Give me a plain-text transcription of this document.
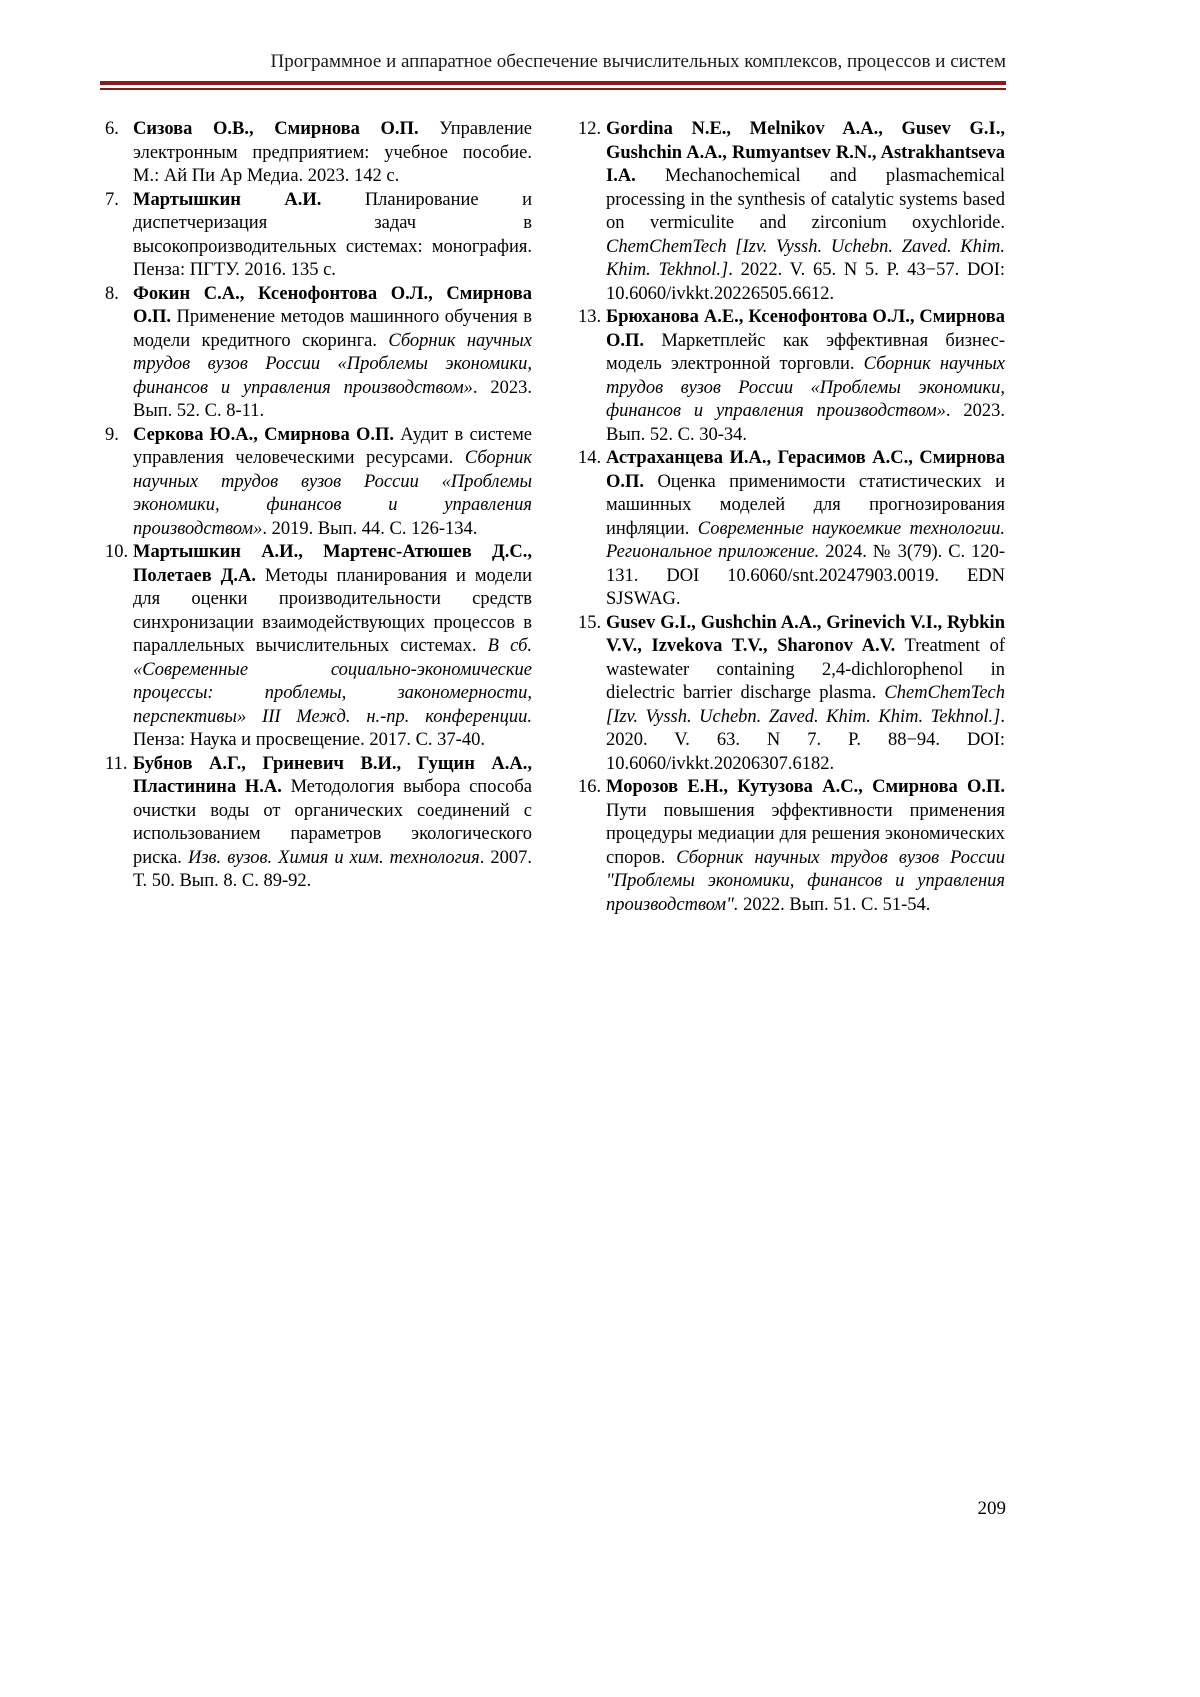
Программное и аппаратное обеспечение вычислительных комплексов, процессов и систем
6. Сизова О.В., Смирнова О.П. Управление электронным предприятием: учебное пособие. М.: Ай Пи Ар Медиа. 2023. 142 с.
7. Мартышкин А.И. Планирование и диспетчеризация задач в высокопроизводительных системах: монография. Пенза: ПГТУ. 2016. 135 с.
8. Фокин С.А., Ксенофонтова О.Л., Смирнова О.П. Применение методов машинного обучения в модели кредитного скоринга. Сборник научных трудов вузов России «Проблемы экономики, финансов и управления производством». 2023. Вып. 52. С. 8-11.
9. Серкова Ю.А., Смирнова О.П. Аудит в системе управления человеческими ресурсами. Сборник научных трудов вузов России «Проблемы экономики, финансов и управления производством». 2019. Вып. 44. С. 126-134.
10. Мартышкин А.И., Мартенс-Атюшев Д.С., Полетаев Д.А. Методы планирования и модели для оценки производительности средств синхронизации взаимодействующих процессов в параллельных вычислительных системах. В сб. «Современные социально-экономические процессы: проблемы, закономерности, перспективы» III Межд. н.-пр. конференции. Пенза: Наука и просвещение. 2017. С. 37-40.
11. Бубнов А.Г., Гриневич В.И., Гущин А.А., Пластинина Н.А. Методология выбора способа очистки воды от органических соединений с использованием параметров экологического риска. Изв. вузов. Химия и хим. технология. 2007. Т. 50. Вып. 8. С. 89-92.
12. Gordina N.E., Melnikov A.A., Gusev G.I., Gushchin A.A., Rumyantsev R.N., Astrakhantseva I.A. Mechanochemical and plasmachemical processing in the synthesis of catalytic systems based on vermiculite and zirconium oxychloride. ChemChemTech [Izv. Vyssh. Uchebn. Zaved. Khim. Khim. Tekhnol.]. 2022. V. 65. N 5. P. 43−57. DOI: 10.6060/ivkkt.20226505.6612.
13. Брюханова А.Е., Ксенофонтова О.Л., Смирнова О.П. Маркетплейс как эффективная бизнес-модель электронной торговли. Сборник научных трудов вузов России «Проблемы экономики, финансов и управления производством». 2023. Вып. 52. С. 30-34.
14. Астраханцева И.А., Герасимов А.С., Смирнова О.П. Оценка применимости статистических и машинных моделей для прогнозирования инфляции. Современные наукоемкие технологии. Региональное приложение. 2024. № 3(79). С. 120-131. DOI 10.6060/snt.20247903.0019. EDN SJSWAG.
15. Gusev G.I., Gushchin A.A., Grinevich V.I., Rybkin V.V., Izvekova T.V., Sharonov A.V. Treatment of wastewater containing 2,4-dichlorophenol in dielectric barrier discharge plasma. ChemChemTech [Izv. Vyssh. Uchebn. Zaved. Khim. Khim. Tekhnol.]. 2020. V. 63. N 7. P. 88−94. DOI: 10.6060/ivkkt.20206307.6182.
16. Морозов Е.Н., Кутузова А.С., Смирнова О.П. Пути повышения эффективности применения процедуры медиации для решения экономических споров. Сборник научных трудов вузов России "Проблемы экономики, финансов и управления производством". 2022. Вып. 51. С. 51-54.
209
